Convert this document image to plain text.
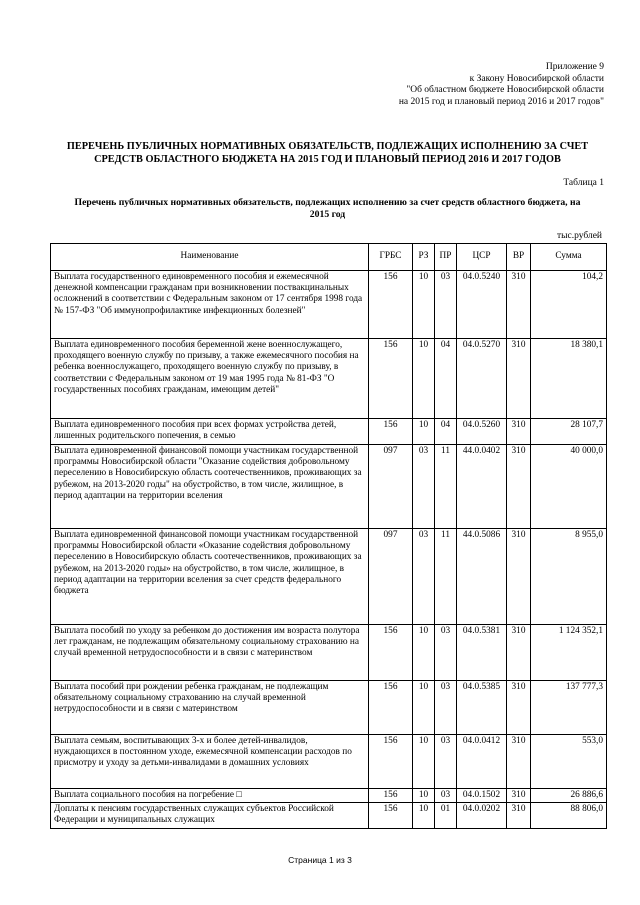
Приложение 9
к Закону Новосибирской области
"Об областном бюджете Новосибирской области
на 2015 год и плановый период 2016 и 2017 годов"
ПЕРЕЧЕНЬ ПУБЛИЧНЫХ НОРМАТИВНЫХ ОБЯЗАТЕЛЬСТВ, ПОДЛЕЖАЩИХ ИСПОЛНЕНИЮ ЗА СЧЕТ
СРЕДСТВ ОБЛАСТНОГО БЮДЖЕТА НА 2015 ГОД И ПЛАНОВЫЙ ПЕРИОД 2016 И 2017 ГОДОВ
Таблица 1
Перечень публичных нормативных обязательств, подлежащих исполнению за счет средств областного бюджета, на
2015 год
тыс.рублей
Наименование	ГРБС	РЗ	ПР	ЦСР	ВР	Сумма
Выплата государственного единовременного пособия и ежемесячной денежной компенсации гражданам при возникновении поствакцинальных осложнений в соответствии с Федеральным законом от 17 сентября 1998 года № 157-ФЗ "Об иммунопрофилактике инфекционных болезней"	156	10	03	04.0.5240	310	104,2
Выплата единовременного пособия беременной жене военнослужащего, проходящего военную службу по призыву, а также ежемесячного пособия на ребенка военнослужащего, проходящего военную службу по призыву, в соответствии с Федеральным законом от 19 мая 1995 года № 81-ФЗ "О государственных пособиях гражданам, имеющим детей"	156	10	04	04.0.5270	310	18 380,1
Выплата единовременного пособия при всех формах устройства детей, лишенных родительского попечения, в семью	156	10	04	04.0.5260	310	28 107,7
Выплата единовременной финансовой помощи участникам государственной программы Новосибирской области "Оказание содействия добровольному переселению в Новосибирскую область соотечественников, проживающих за рубежом, на 2013-2020 годы" на обустройство, в том числе, жилищное, в период адаптации на территории вселения	097	03	11	44.0.0402	310	40 000,0
Выплата единовременной финансовой помощи участникам государственной программы Новосибирской области «Оказание содействия добровольному переселению в Новосибирскую область соотечественников, проживающих за рубежом, на 2013-2020 годы» на обустройство, в том числе, жилищное, в период адаптации на территории вселения за счет средств федерального бюджета	097	03	11	44.0.5086	310	8 955,0
Выплата пособий по уходу за ребенком до достижения им возраста полутора лет гражданам, не подлежащим обязательному социальному страхованию на случай временной нетрудоспособности и в связи с материнством	156	10	03	04.0.5381	310	1 124 352,1
Выплата пособий при рождении ребенка гражданам, не подлежащим обязательному социальному страхованию на случай временной нетрудоспособности и в связи с материнством	156	10	03	04.0.5385	310	137 777,3
Выплата семьям, воспитывающих 3-х и более детей-инвалидов, нуждающихся в постоянном уходе, ежемесячной компенсации расходов по присмотру и уходу за детьми-инвалидами в домашних условиях	156	10	03	04.0.0412	310	553,0
Выплата социального пособия на погребение □	156	10	03	04.0.1502	310	26 886,6
Доплаты к пенсиям государственных служащих субъектов Российской Федерации и муниципальных служащих	156	10	01	04.0.0202	310	88 806,0
Страница 1 из 3
